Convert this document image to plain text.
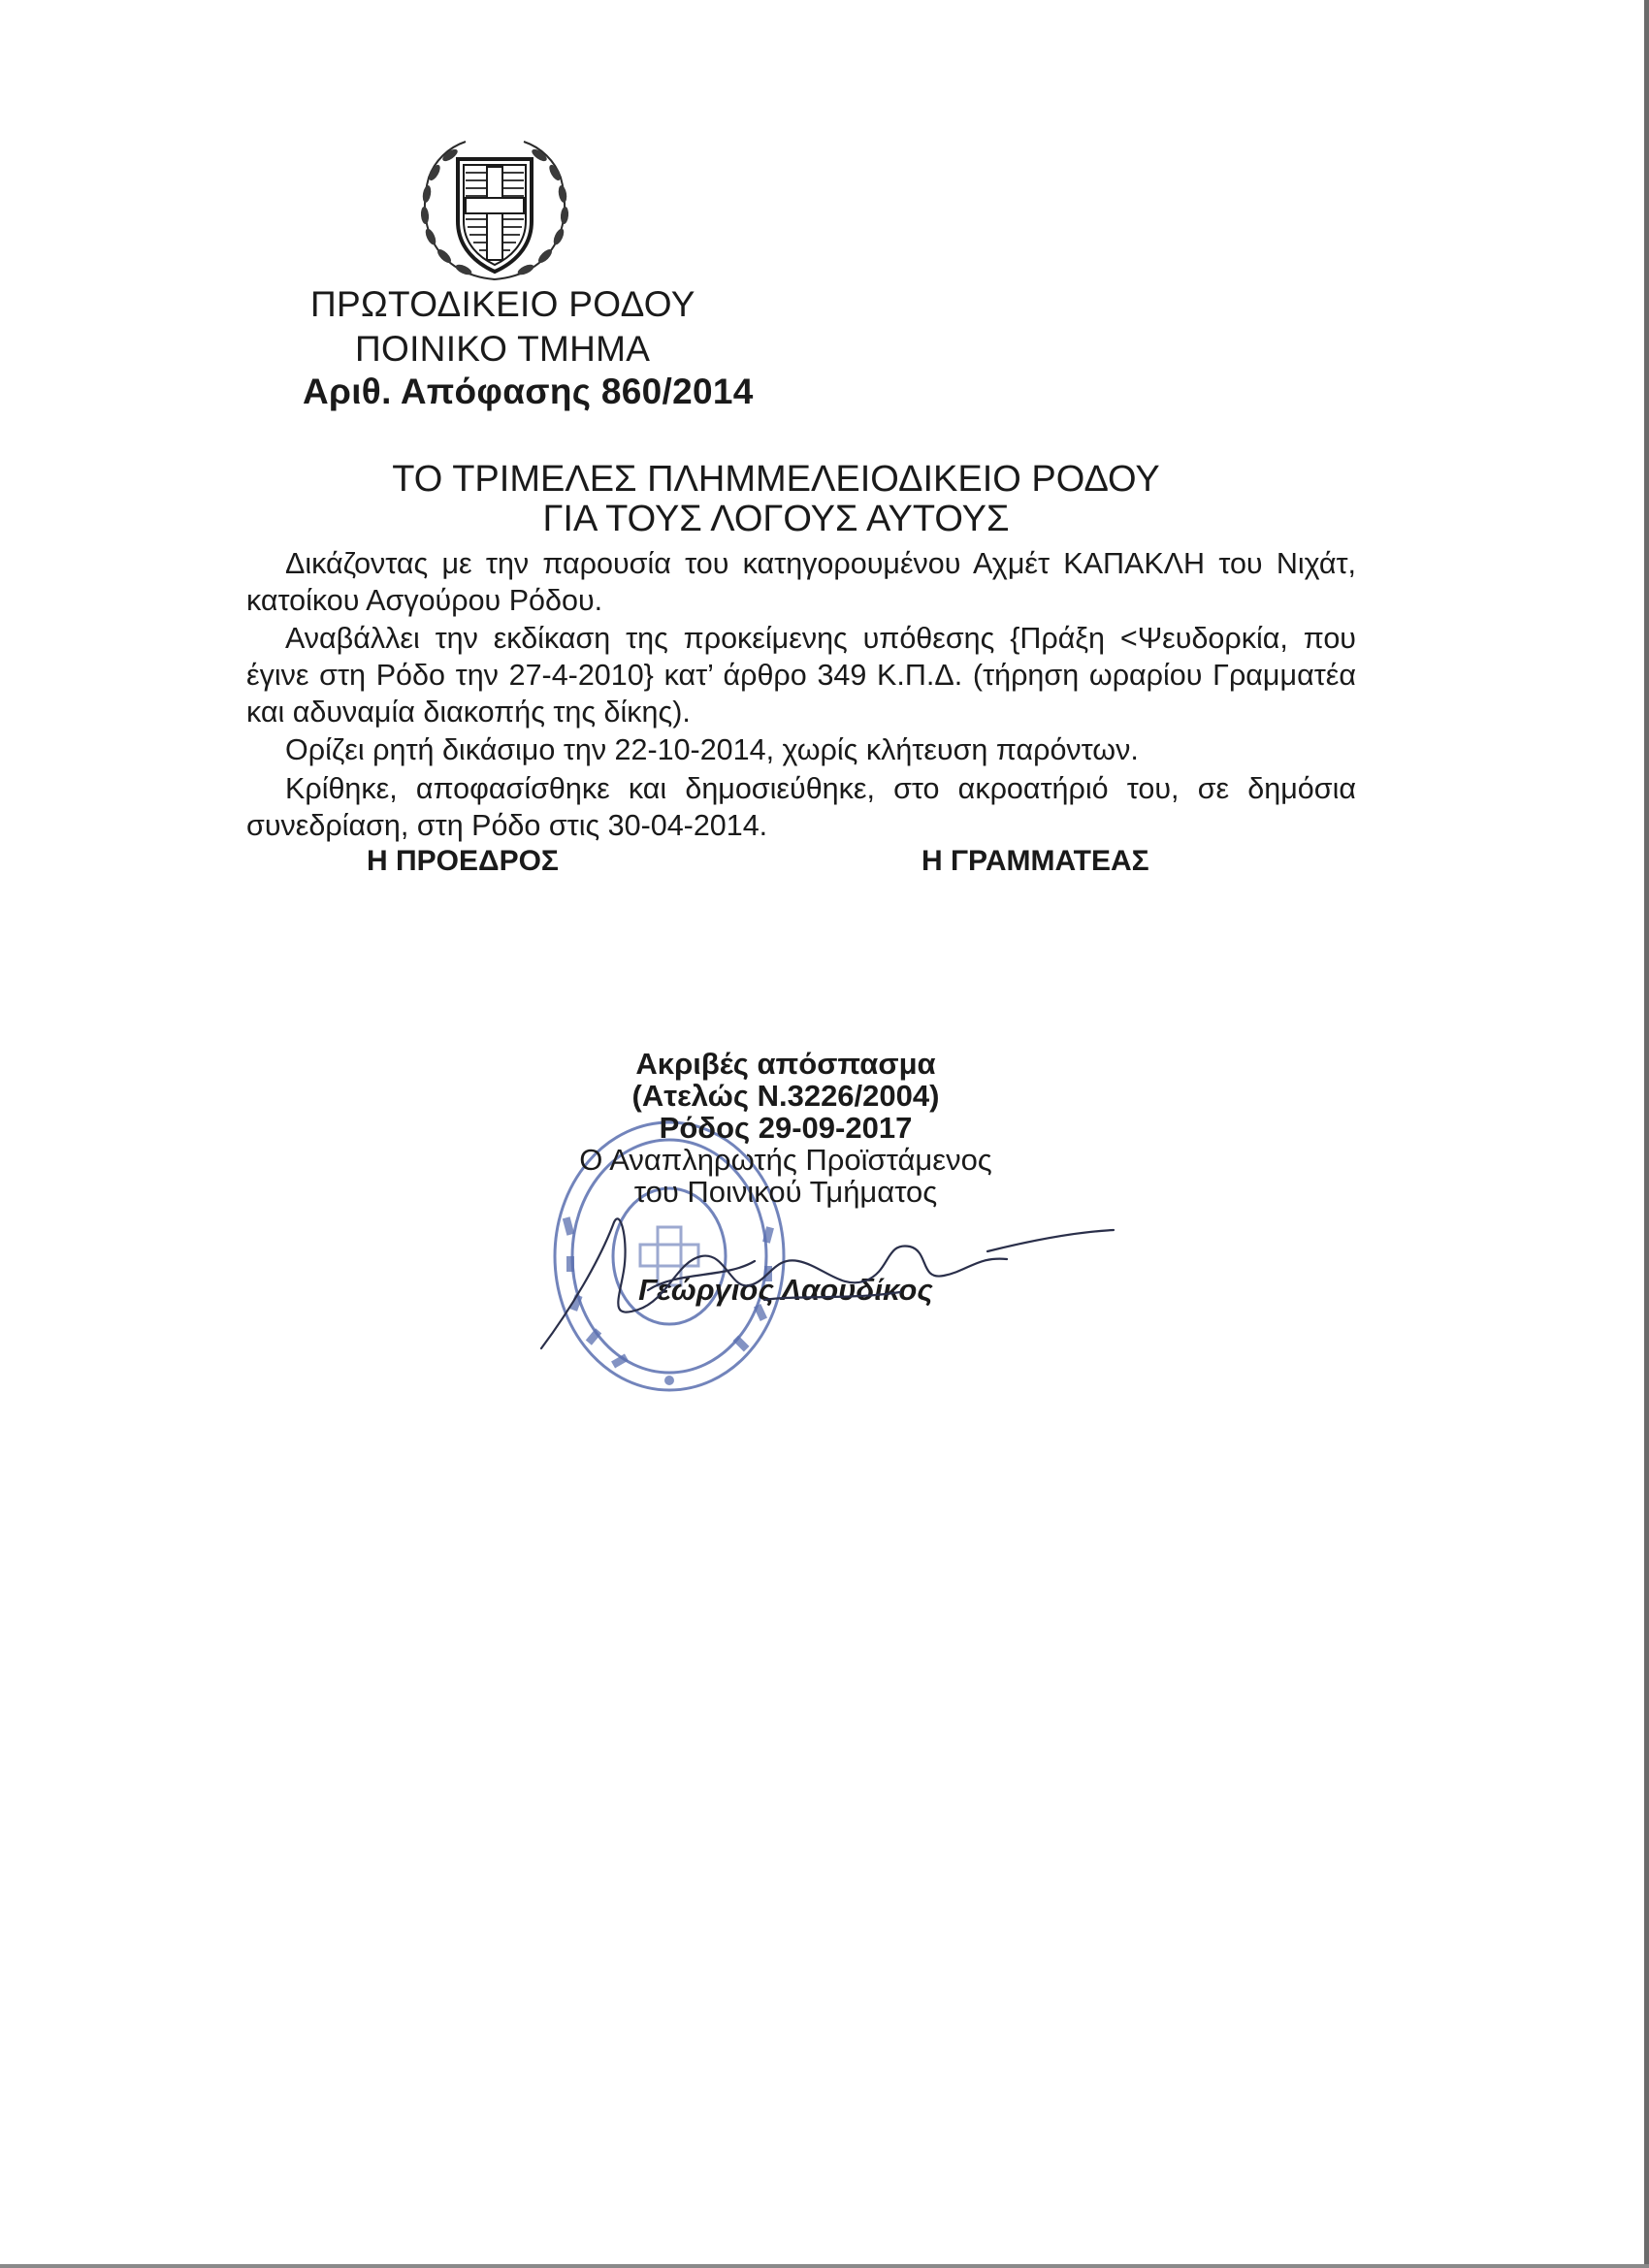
ΠΡΩΤΟΔΙΚΕΙΟ ΡΟΔΟΥ
ΠΟΙΝΙΚΟ ΤΜΗΜΑ
Αριθ. Απόφασης 860/2014
ΤΟ ΤΡΙΜΕΛΕΣ ΠΛΗΜΜΕΛΕΙΟΔΙΚΕΙΟ ΡΟΔΟΥ
ΓΙΑ ΤΟΥΣ ΛΟΓΟΥΣ ΑΥΤΟΥΣ

Δικάζοντας με την παρουσία του κατηγορουμένου Αχμέτ ΚΑΠΑΚΛΗ του Νιχάτ, κατοίκου Ασγούρου Ρόδου.

Αναβάλλει την εκδίκαση της προκείμενης υπόθεσης {Πράξη <Ψευδορκία, που έγινε στη Ρόδο την 27-4-2010} κατ’ άρθρο 349 Κ.Π.Δ. (τήρηση ωραρίου Γραμματέα και αδυναμία διακοπής της δίκης).

Ορίζει ρητή δικάσιμο την 22-10-2014, χωρίς κλήτευση παρόντων.

Κρίθηκε, αποφασίσθηκε και δημοσιεύθηκε, στο ακροατήριό του, σε δημόσια συνεδρίαση, στη Ρόδο στις 30-04-2014.

Η ΠΡΟΕΔΡΟΣ	Η ΓΡΑΜΜΑΤΕΑΣ
Ακριβές απόσπασμα
(Ατελώς Ν.3226/2004)
Ρόδος 29-09-2017
Ο Αναπληρωτής Προϊστάμενος
του Ποινικού Τμήματος
Γεώργιος Λαουδίκος
